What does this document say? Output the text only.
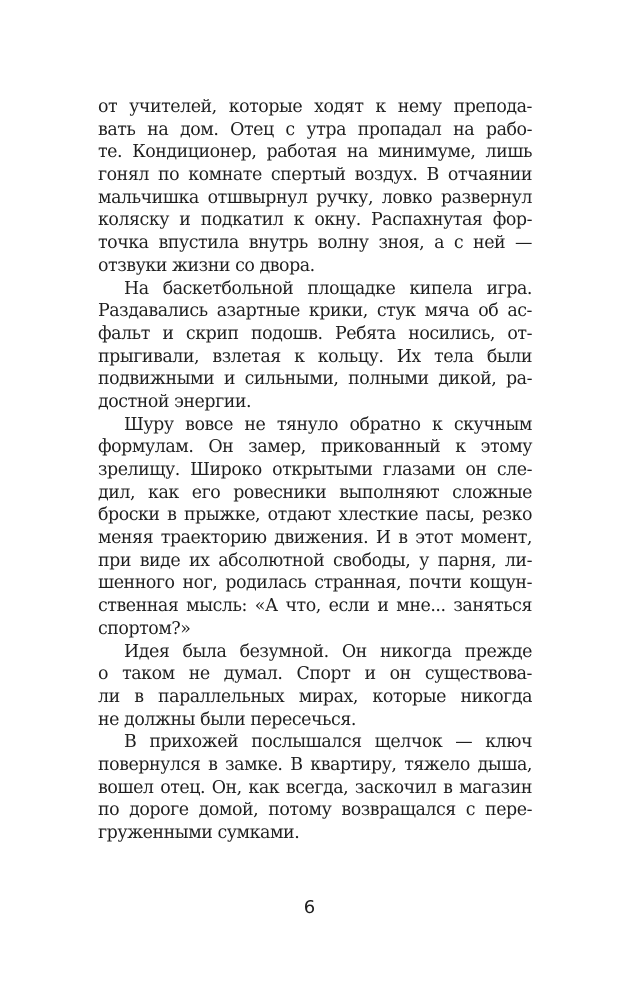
от учителей, которые ходят к нему препода-
вать на дом. Отец с утра пропадал на рабо-
те. Кондиционер, работая на минимуме, лишь
гонял по комнате спертый воздух. В отчаянии
мальчишка отшвырнул ручку, ловко развернул
коляску и подкатил к окну. Распахнутая фор-
точка впустила внутрь волну зноя, а с ней —
отзвуки жизни со двора.
На баскетбольной площадке кипела игра.
Раздавались азартные крики, стук мяча об ас-
фальт и скрип подошв. Ребята носились, от-
прыгивали, взлетая к кольцу. Их тела были
подвижными и сильными, полными дикой, ра-
достной энергии.
Шуру вовсе не тянуло обратно к скучным
формулам. Он замер, прикованный к этому
зрелищу. Широко открытыми глазами он сле-
дил, как его ровесники выполняют сложные
броски в прыжке, отдают хлесткие пасы, резко
меняя траекторию движения. И в этот момент,
при виде их абсолютной свободы, у парня, ли-
шенного ног, родилась странная, почти кощун-
ственная мысль: «А что, если и мне... заняться
спортом?»
Идея была безумной. Он никогда прежде
о таком не думал. Спорт и он существова-
ли в параллельных мирах, которые никогда
не должны были пересечься.
В прихожей послышался щелчок — ключ
повернулся в замке. В квартиру, тяжело дыша,
вошел отец. Он, как всегда, заскочил в магазин
по дороге домой, потому возвращался с пере-
груженными сумками.
6
